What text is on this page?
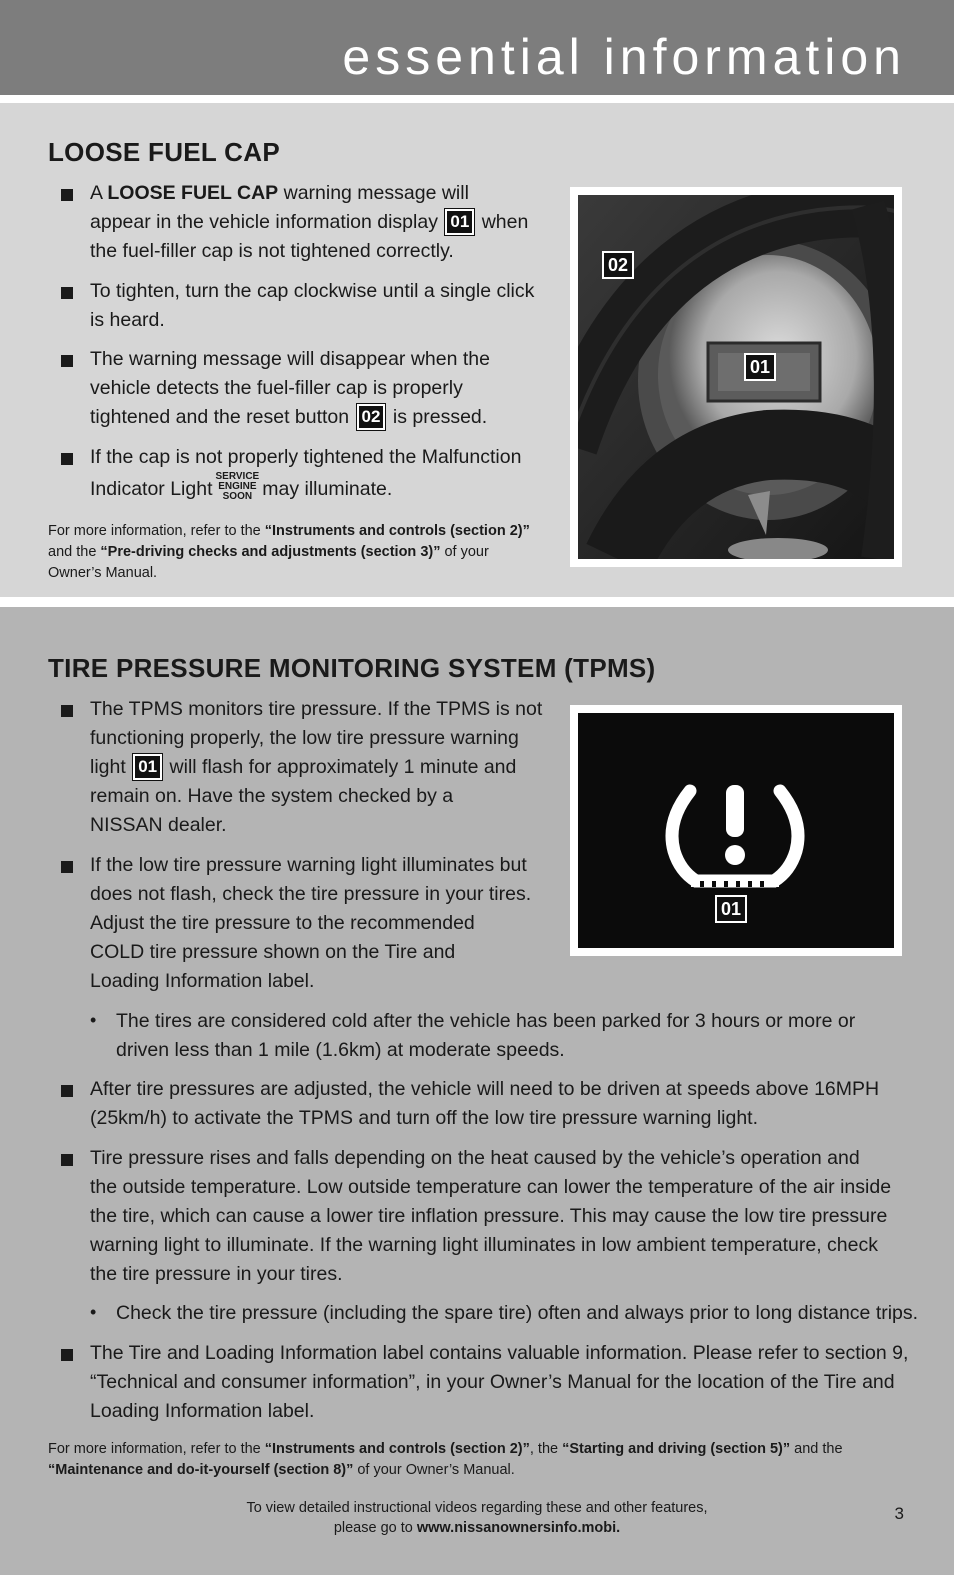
essential information
LOOSE FUEL CAP
A LOOSE FUEL CAP warning message will
appear in the vehicle information display 01 when
the fuel-filler cap is not tightened correctly.
To tighten, turn the cap clockwise until a single click
is heard.
The warning message will disappear when the
vehicle detects the fuel-filler cap is properly
tightened and the reset button 02 is pressed.
If the cap is not properly tightened the Malfunction
Indicator LightSERVICE
ENGINE
SOON may illuminate.
For more information, refer to the “Instruments and controls (section 2)”
and the “Pre-driving checks and adjustments (section 3)” of your
Owner’s Manual.
02
01
TIRE PRESSURE MONITORING SYSTEM (TPMS)
The TPMS monitors tire pressure. If the TPMS is not
functioning properly, the low tire pressure warning
light 01 will flash for approximately 1 minute and
remain on. Have the system checked by a
NISSAN dealer.
If the low tire pressure warning light illuminates but
does not flash, check the tire pressure in your tires.
Adjust the tire pressure to the recommended
COLD tire pressure shown on the Tire and
Loading Information label.
• The tires are considered cold after the vehicle has been parked for 3 hours or more or
driven less than 1 mile (1.6km) at moderate speeds.
After tire pressures are adjusted, the vehicle will need to be driven at speeds above 16MPH
(25km/h) to activate the TPMS and turn off the low tire pressure warning light.
Tire pressure rises and falls depending on the heat caused by the vehicle’s operation and
the outside temperature. Low outside temperature can lower the temperature of the air inside
the tire, which can cause a lower tire inflation pressure. This may cause the low tire pressure
warning light to illuminate. If the warning light illuminates in low ambient temperature, check
the tire pressure in your tires.
• Check the tire pressure (including the spare tire) often and always prior to long distance trips.
The Tire and Loading Information label contains valuable information. Please refer to section 9,
“Technical and consumer information”, in your Owner’s Manual for the location of the Tire and
Loading Information label.
For more information, refer to the “Instruments and controls (section 2)”, the “Starting and driving (section 5)” and the
“Maintenance and do-it-yourself (section 8)” of your Owner’s Manual.
01
To view detailed instructional videos regarding these and other features,
please go to www.nissanownersinfo.mobi.
3
